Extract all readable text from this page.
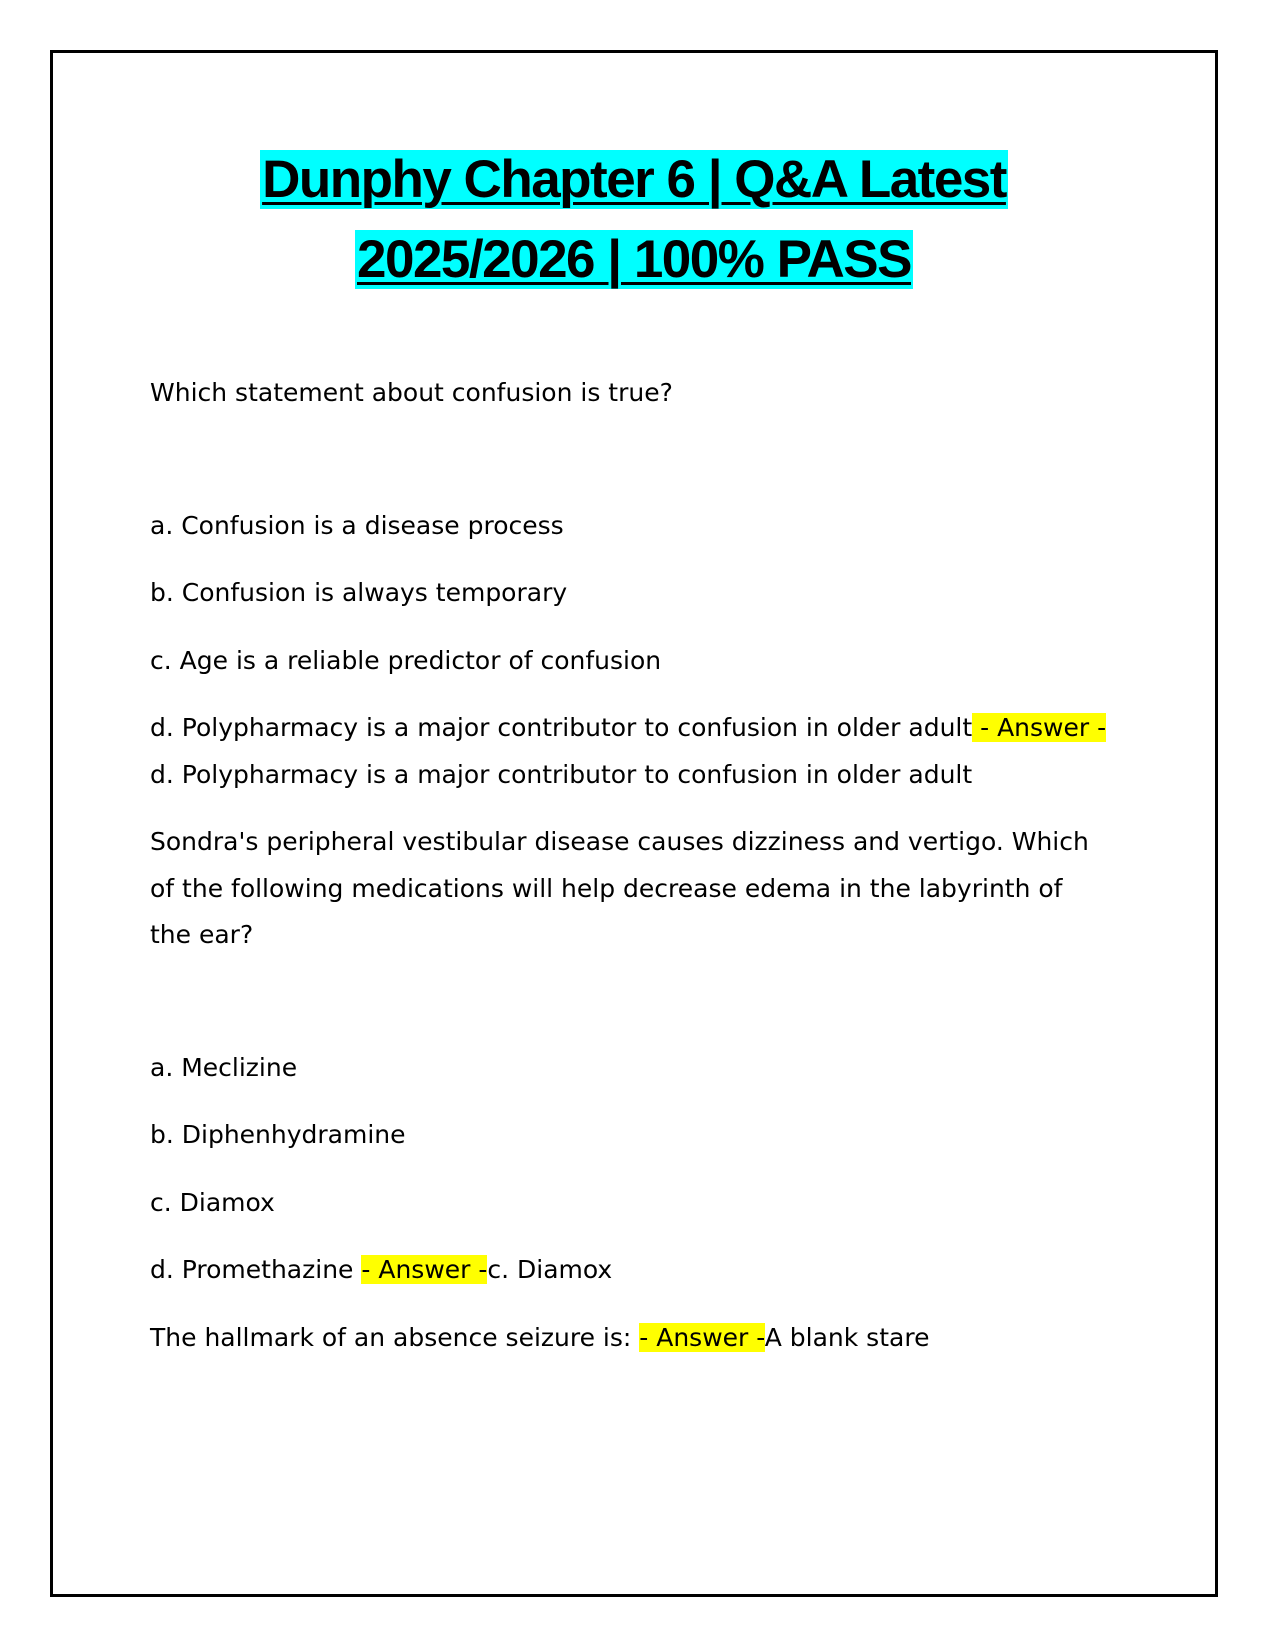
Dunphy Chapter 6 | Q&A Latest
2025/2026 | 100% PASS

Which statement about confusion is true?

a. Confusion is a disease process

b. Confusion is always temporary

c. Age is a reliable predictor of confusion

d. Polypharmacy is a major contributor to confusion in older adult - Answer -d. Polypharmacy is a major contributor to confusion in older adult

Sondra's peripheral vestibular disease causes dizziness and vertigo. Which of the following medications will help decrease edema in the labyrinth of the ear?

a. Meclizine

b. Diphenhydramine

c. Diamox

d. Promethazine - Answer -c. Diamox

The hallmark of an absence seizure is: - Answer -A blank stare
